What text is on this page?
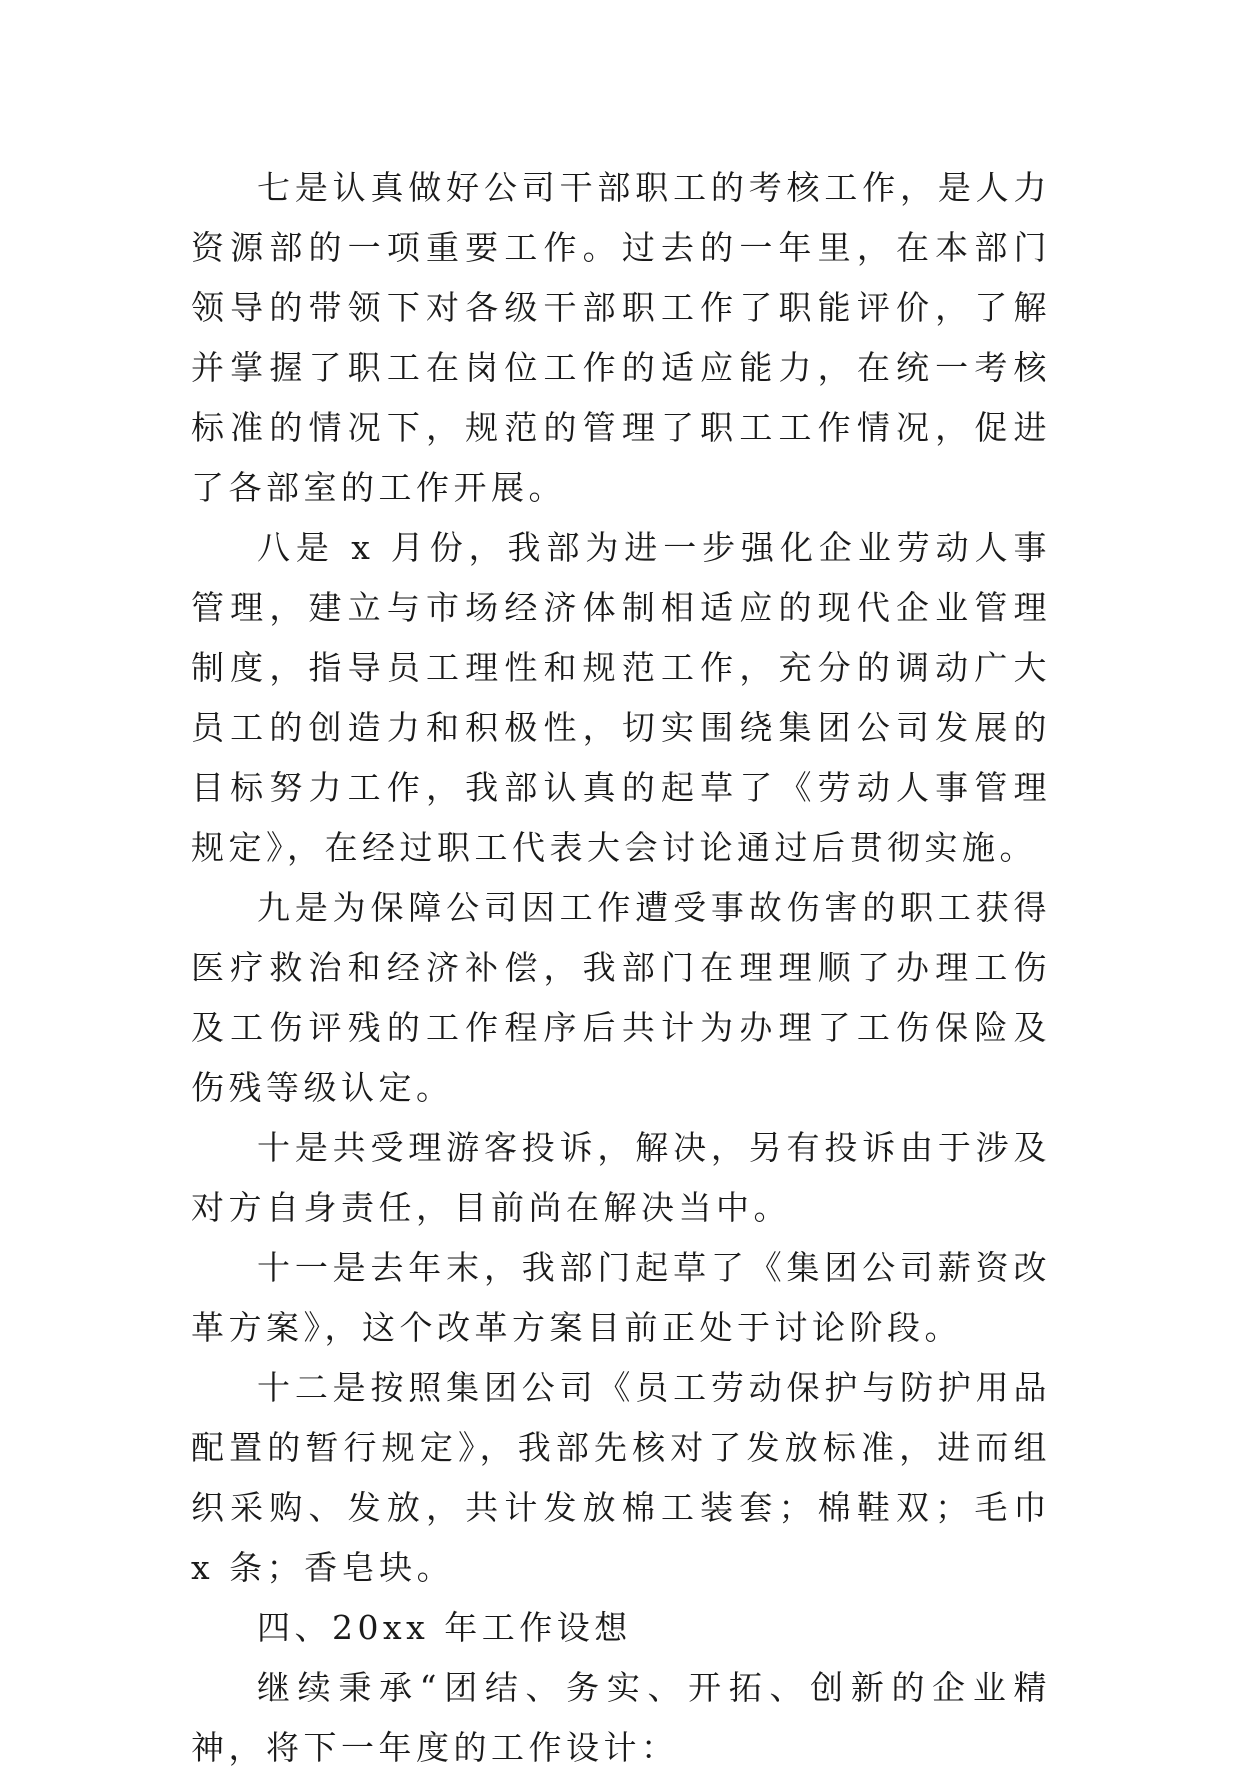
七是认真做好公司干部职工的考核工作，是人力资源部的一项重要工作。过去的一年里，在本部门领导的带领下对各级干部职工作了职能评价，了解并掌握了职工在岗位工作的适应能力，在统一考核标准的情况下，规范的管理了职工工作情况，促进了各部室的工作开展。

八是 x 月份，我部为进一步强化企业劳动人事管理，建立与市场经济体制相适应的现代企业管理制度，指导员工理性和规范工作，充分的调动广大员工的创造力和积极性，切实围绕集团公司发展的目标努力工作，我部认真的起草了《劳动人事管理规定》，在经过职工代表大会讨论通过后贯彻实施。

九是为保障公司因工作遭受事故伤害的职工获得医疗救治和经济补偿，我部门在理理顺了办理工伤及工伤评残的工作程序后共计为办理了工伤保险及伤残等级认定。

十是共受理游客投诉，解决，另有投诉由于涉及对方自身责任，目前尚在解决当中。

十一是去年末，我部门起草了《集团公司薪资改革方案》，这个改革方案目前正处于讨论阶段。

十二是按照集团公司《员工劳动保护与防护用品配置的暂行规定》，我部先核对了发放标准，进而组织采购、发放，共计发放棉工装套；棉鞋双；毛巾 x 条；香皂块。

四、20xx 年工作设想

继续秉承“团结、务实、开拓、创新的企业精神，将下一年度的工作设计：
